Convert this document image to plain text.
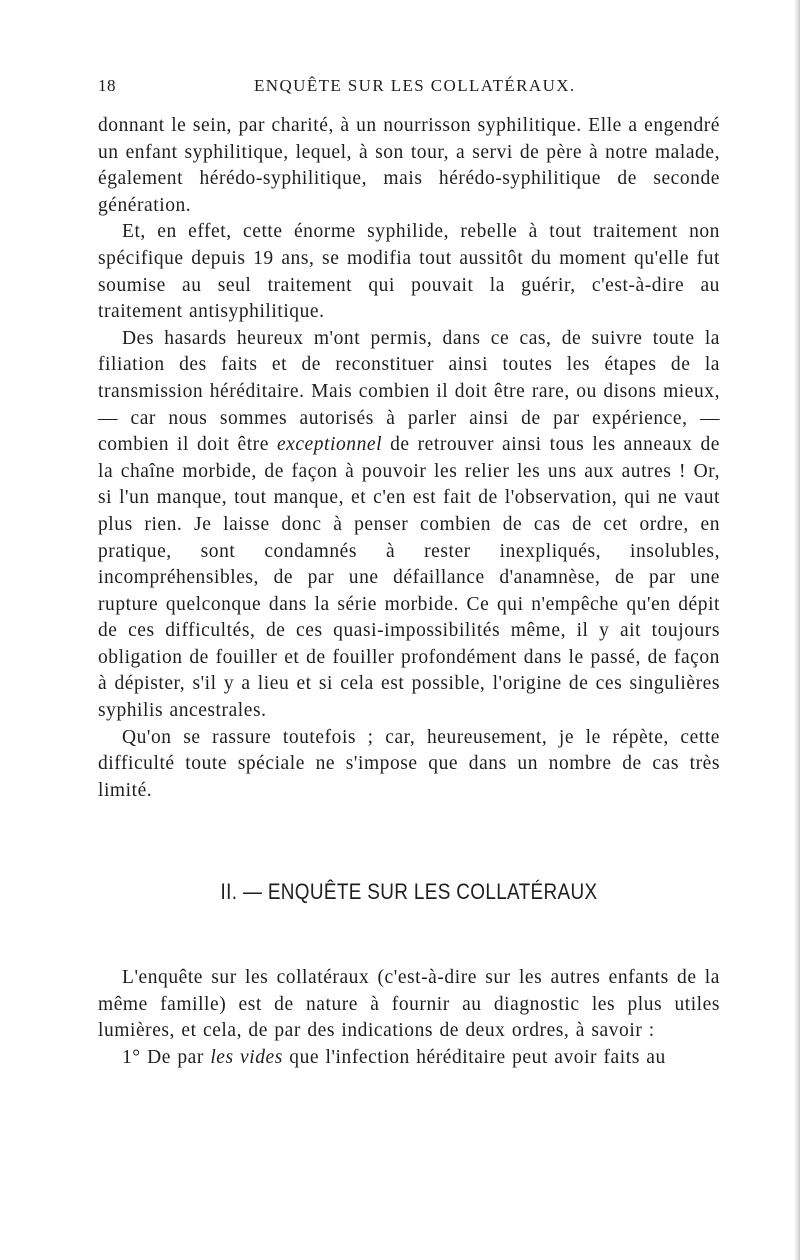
18	ENQUÊTE SUR LES COLLATÉRAUX.

donnant le sein, par charité, à un nourrisson syphilitique. Elle a engendré un enfant syphilitique, lequel, à son tour, a servi de père à notre malade, également hérédo-syphilitique, mais hérédo-syphilitique de seconde génération.

Et, en effet, cette énorme syphilide, rebelle à tout traitement non spécifique depuis 19 ans, se modifia tout aussitôt du moment qu'elle fut soumise au seul traitement qui pouvait la guérir, c'est-à-dire au traitement antisyphilitique.

Des hasards heureux m'ont permis, dans ce cas, de suivre toute la filiation des faits et de reconstituer ainsi toutes les étapes de la transmission héréditaire. Mais combien il doit être rare, ou disons mieux, — car nous sommes autorisés à parler ainsi de par expérience, — combien il doit être exceptionnel de retrouver ainsi tous les anneaux de la chaîne morbide, de façon à pouvoir les relier les uns aux autres ! Or, si l'un manque, tout manque, et c'en est fait de l'observation, qui ne vaut plus rien. Je laisse donc à penser combien de cas de cet ordre, en pratique, sont condamnés à rester inexpliqués, insolubles, incompréhensibles, de par une défaillance d'anamnèse, de par une rupture quelconque dans la série morbide. Ce qui n'empêche qu'en dépit de ces difficultés, de ces quasi-impossibilités même, il y ait toujours obligation de fouiller et de fouiller profondément dans le passé, de façon à dépister, s'il y a lieu et si cela est possible, l'origine de ces singulières syphilis ancestrales.

Qu'on se rassure toutefois ; car, heureusement, je le répète, cette difficulté toute spéciale ne s'impose que dans un nombre de cas très limité.

II. — ENQUÊTE SUR LES COLLATÉRAUX

L'enquête sur les collatéraux (c'est-à-dire sur les autres enfants de la même famille) est de nature à fournir au diagnostic les plus utiles lumières, et cela, de par des indications de deux ordres, à savoir :

1° De par les vides que l'infection héréditaire peut avoir faits au
